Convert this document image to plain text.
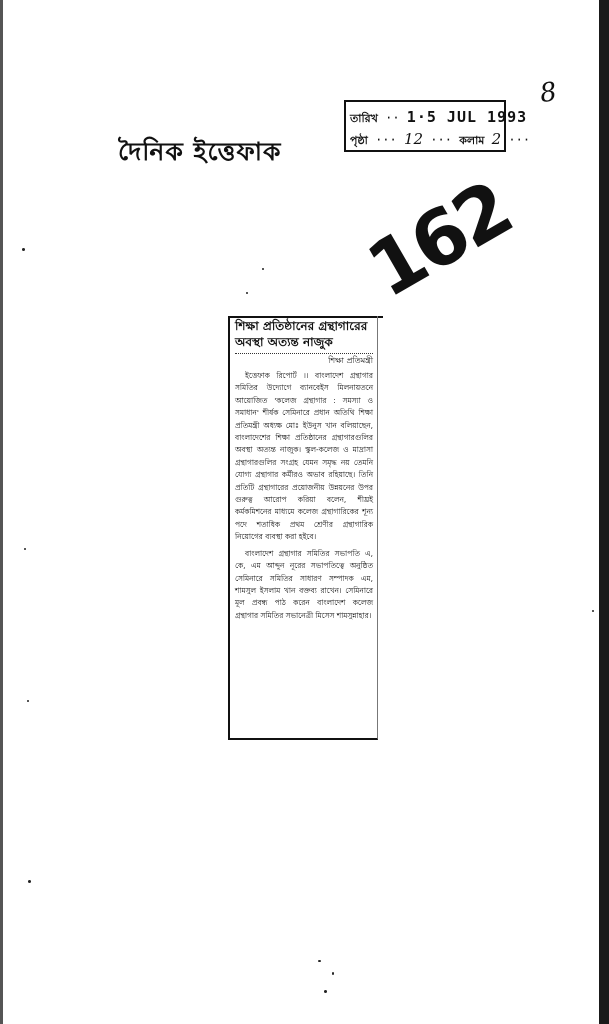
8
দৈনিক ইত্তেফাক
তারিখ ·· 1·5 JUL 1993
পৃষ্ঠা ··· 12 ··· কলাম 2 ···
162
শিক্ষা প্রতিষ্ঠানের গ্রন্থাগারের অবস্থা অত্যন্ত নাজুক
শিক্ষা প্রতিমন্ত্রী

ইত্তেফাক রিপোর্ট ।। বাংলাদেশ গ্রন্থাগার সমিতির উদ্যোগে ব্যানবেইস মিলনায়তনে আয়োজিত 'কলেজ গ্রন্থাগার : সমস্যা ও সমাধান' শীর্ষক সেমিনারে প্রধান অতিথি শিক্ষা প্রতিমন্ত্রী অধ্যক্ষ মোঃ ইউনুস খান বলিয়াছেন, বাংলাদেশের শিক্ষা প্রতিষ্ঠানের গ্রন্থাগারগুলির অবস্থা অত্যন্ত নাজুক। স্কুল-কলেজ ও মাদ্রাসা গ্রন্থাগারগুলির সংগ্রহ যেমন সমৃদ্ধ নয় তেমনি যোগ্য গ্রন্থাগার কর্মীরও অভাব রহিয়াছে। তিনি প্রতিটি গ্রন্থাগারের প্রয়োজনীয় উন্নয়নের উপর গুরুত্ব আরোপ করিয়া বলেন, শীঘ্রই কর্মকমিশনের মাধ্যমে কলেজ গ্রন্থাগারিকের শূন্য পদে শতাধিক প্রথম শ্রেণীর গ্রন্থাগারিক নিয়োগের ব্যবস্থা করা হইবে।

বাংলাদেশ গ্রন্থাগার সমিতির সভাপতি এ, কে, এম আব্দুন নূরের সভাপতিত্বে অনুষ্ঠিত সেমিনারে সমিতির সাধারণ সম্পাদক এম, শামসুল ইসলাম খান বক্তব্য রাখেন। সেমিনারে মূল প্রবন্ধ পাঠ করেন বাংলাদেশ কলেজ গ্রন্থাগার সমিতির সভানেত্রী মিসেস শামসুন্নাহার।
